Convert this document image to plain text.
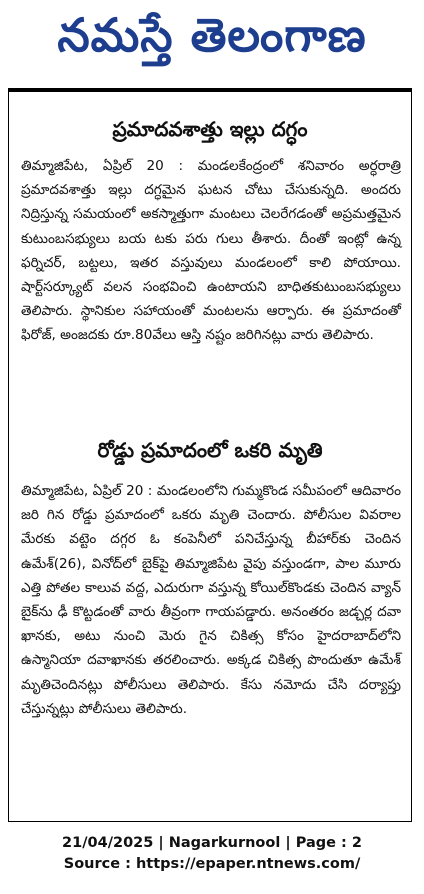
నమస్తే తెలంగాణ
ప్రమాదవశాత్తు ఇల్లు దగ్ధం
తిమ్మాజిపేట, ఏప్రిల్ 20 : మండలకేంద్రంలో శనివారం అర్ధరాత్రి ప్రమాదవశాత్తు ఇల్లు దగ్ధమైన ఘటన చోటు చేసుకున్నది. అందరు నిద్రిస్తున్న సమయంలో అకస్మాత్తుగా మంటలు చెలరేగడంతో అప్రమత్తమైన కుటుంబసభ్యులు బయ టకు పరు గులు తీశారు. దీంతో ఇంట్లో ఉన్న ఫర్నిచర్, బట్టలు, ఇతర వస్తువులు మండలంలో కాలి పోయాయి. షార్ట్‌సర్క్యూట్ వలన సంభవించి ఉంటాయని బాధితకుటుంబసభ్యులు తెలిపారు. స్థానికుల సహాయంతో మంటలను ఆర్పారు. ఈ ప్రమాదంతో ఫిరోజ్, అంజదకు రూ.80వేలు ఆస్తి నష్టం జరిగినట్లు వారు తెలిపారు.
రోడ్డు ప్రమాదంలో ఒకరి మృతి
తిమ్మాజిపేట, ఏప్రిల్ 20 : మండలంలోని గుమ్మకొండ సమీపంలో ఆదివారం జరి గిన రోడ్డు ప్రమాదంలో ఒకరు మృతి చెందారు. పోలీసుల వివరాల మేరకు వట్టెం దగ్గర ఓ కంపెనీలో పనిచేస్తున్న బీహార్‌కు చెందిన ఉమేశ్(26), వినోద్‌లో బైక్‌పై తిమ్మాజిపేట వైపు వస్తుండగా, పాల మూరు ఎత్తి పోతల కాలువ వద్ద, ఎదురుగా వస్తున్న కోయిల్‌కొండకు చెందిన వ్యాన్ బైక్‌ను ఢీ కొట్టడంతో వారు తీవ్రంగా గాయపడ్డారు. అనంతరం జడ్చర్ల దవా ఖానకు, అటు నుంచి మెరు గైన చికిత్స కోసం హైదరాబాద్‌లోని ఉస్మానియా దవాఖానకు తరలించారు. అక్కడ చికిత్స పొందుతూ ఉమేశ్ మృతిచెందినట్లు పోలీసులు తెలిపారు. కేసు నమోదు చేసి దర్యాప్తు చేస్తున్నట్లు పోలీసులు తెలిపారు.
21/04/2025 | Nagarkurnool | Page : 2
Source : https://epaper.ntnews.com/
